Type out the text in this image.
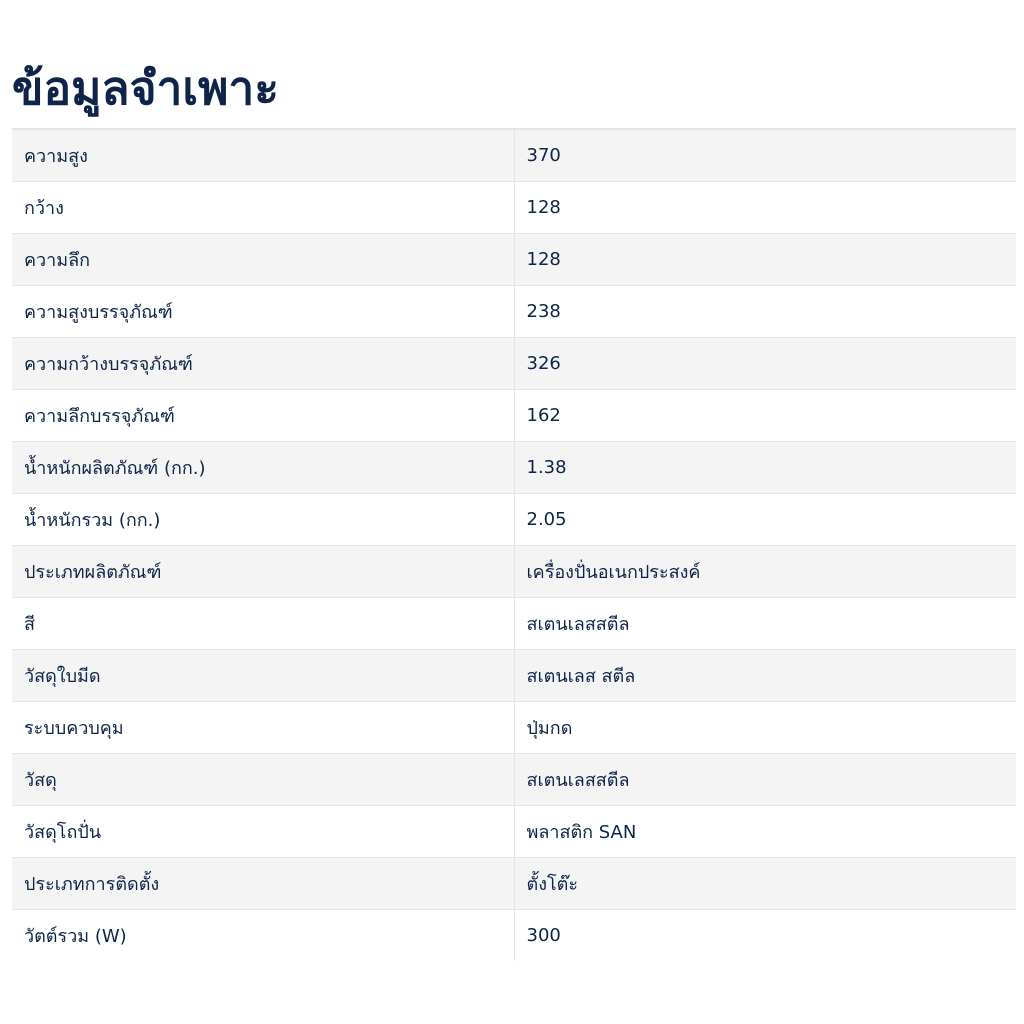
ข้อมูลจำเพาะ
ความสูง	370
กว้าง	128
ความลึก	128
ความสูงบรรจุภัณฑ์	238
ความกว้างบรรจุภัณฑ์	326
ความลึกบรรจุภัณฑ์	162
น้ำหนักผลิตภัณฑ์ (กก.)	1.38
น้ำหนักรวม (กก.)	2.05
ประเภทผลิตภัณฑ์	เครื่องปั่นอเนกประสงค์
สี	สเตนเลสสตีล
วัสดุใบมีด	สเตนเลส สตีล
ระบบควบคุม	ปุ่มกด
วัสดุ	สเตนเลสสตีล
วัสดุโถปั่น	พลาสติก SAN
ประเภทการติดตั้ง	ตั้งโต๊ะ
วัตต์รวม (W)	300
